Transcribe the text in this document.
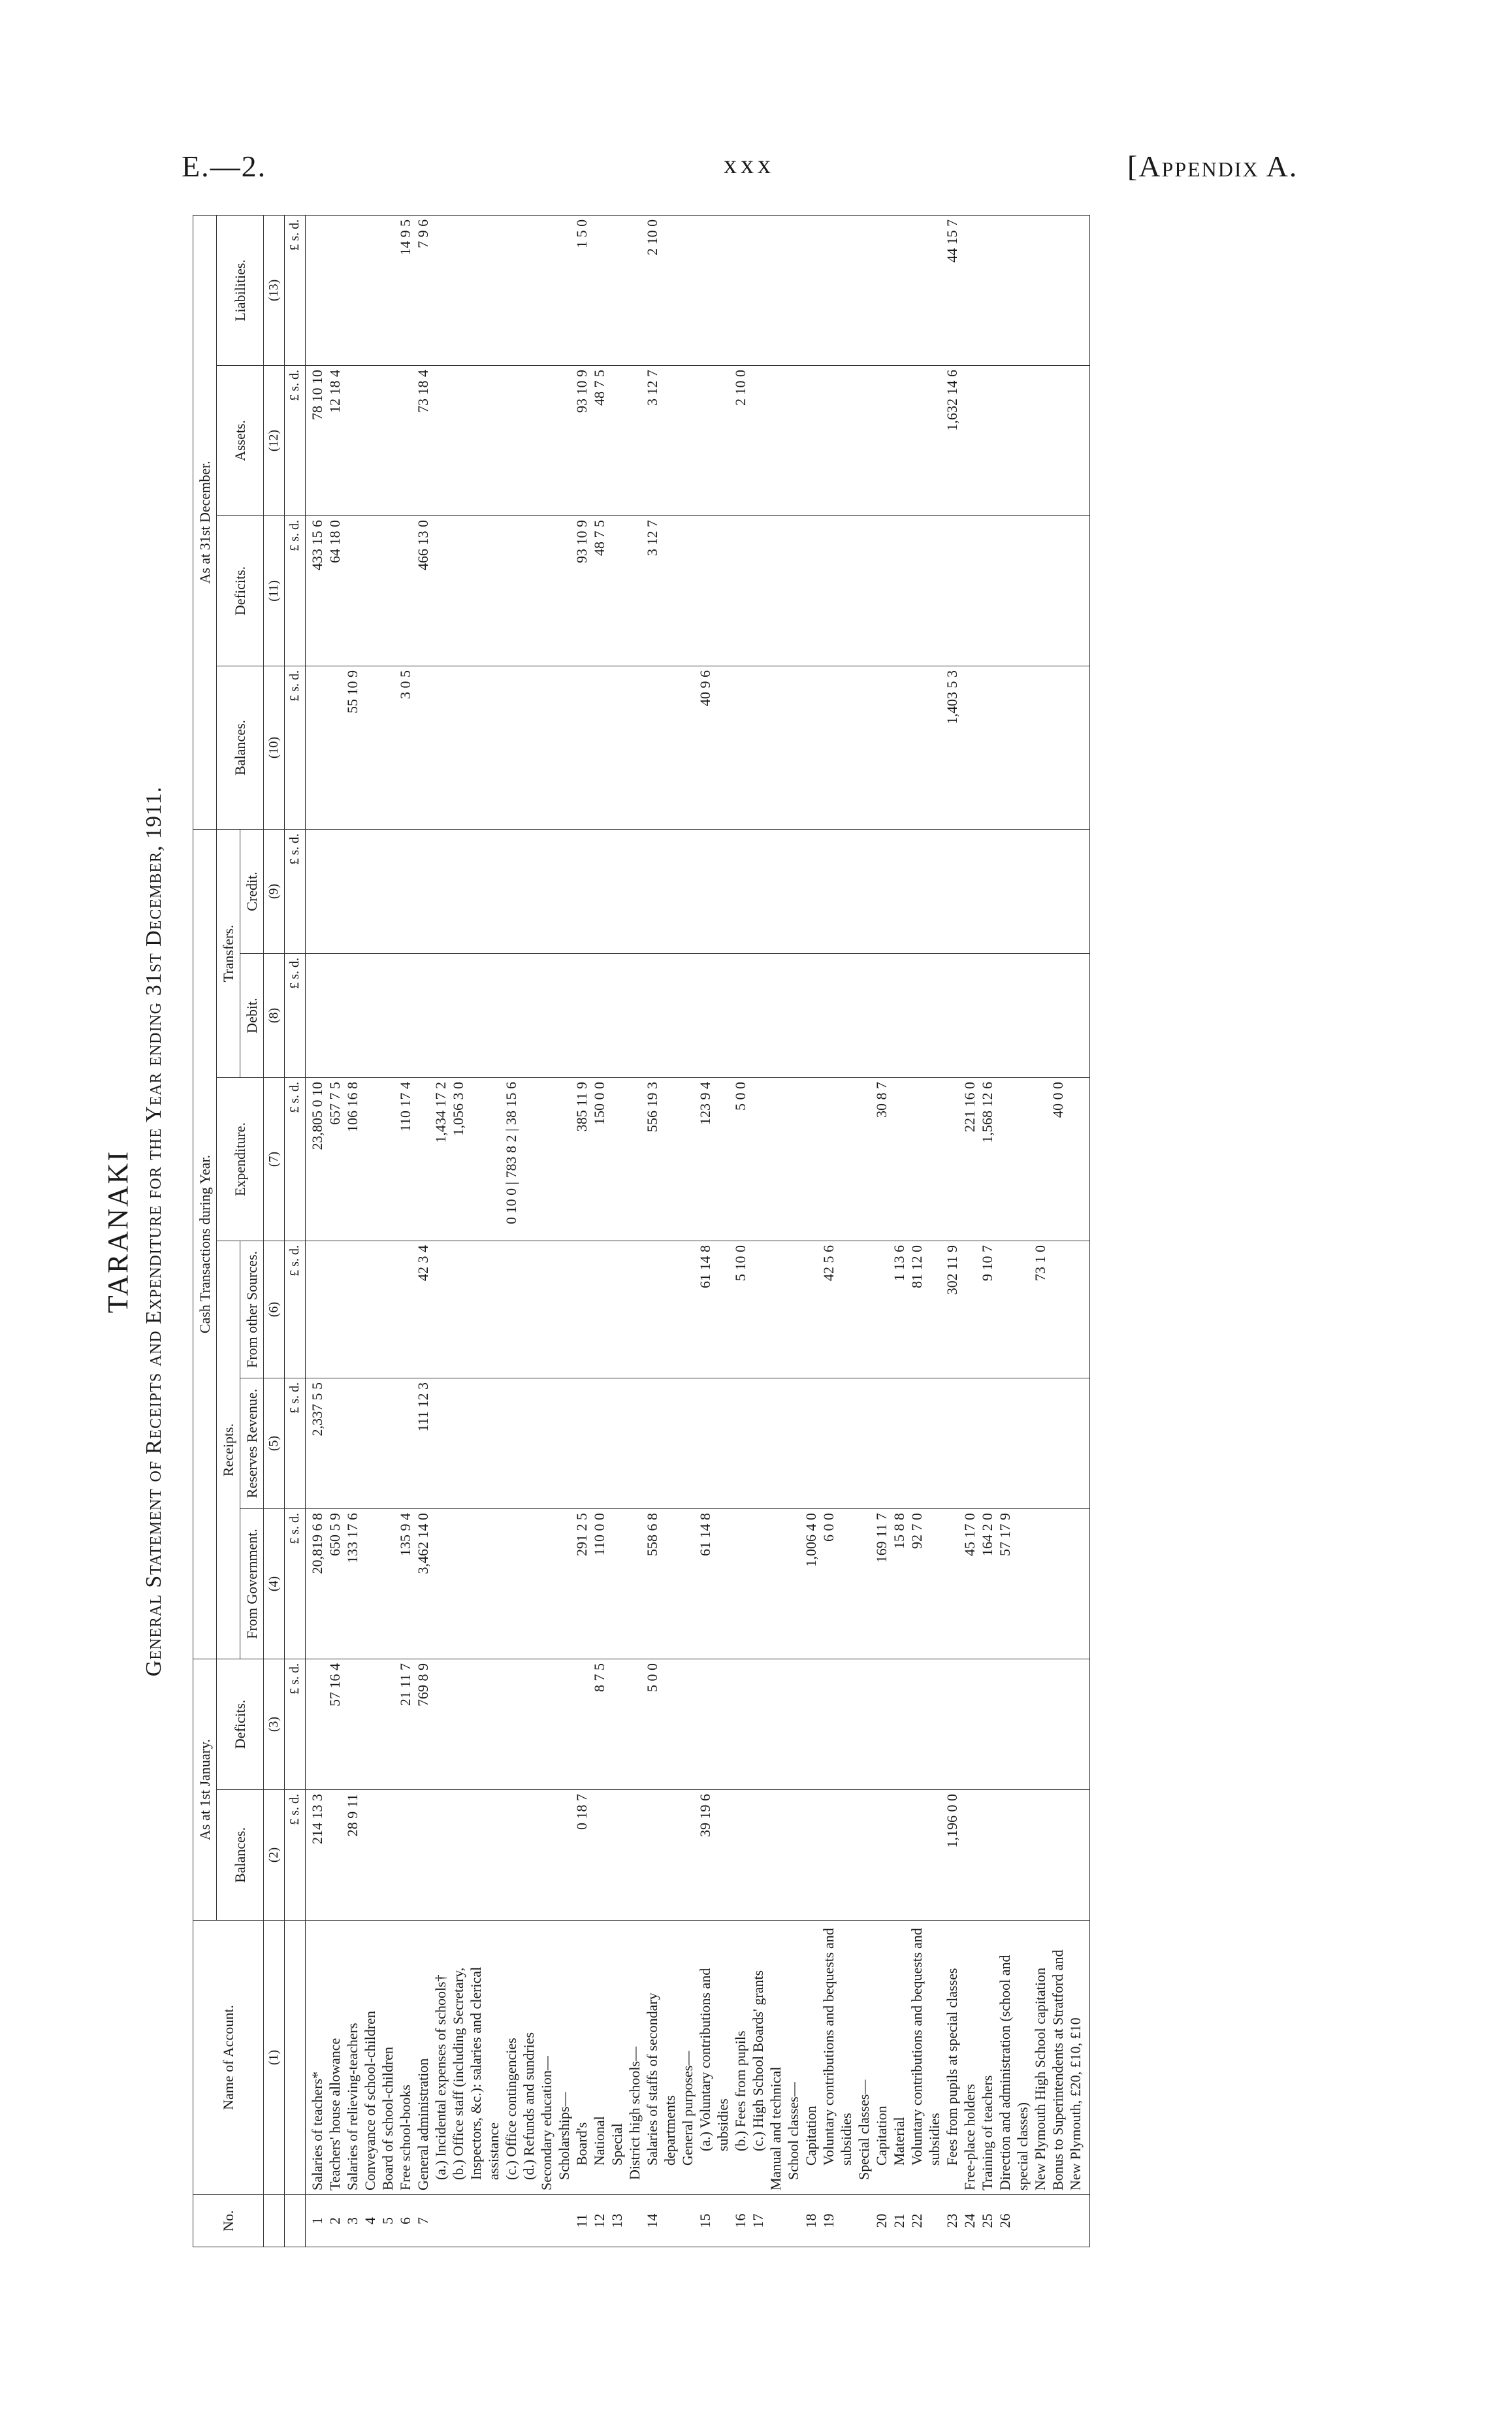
E.—2.	xxx	[Appendix A.
TARANAKI General Statement of Receipts and Expenditure for the Year ending 31st December, 1911.
No.	Name of Account.	As at 1st January.		Cash Transactions during Year.						As at 31st December.			
		Balances.	Deficits.	Receipts.			Expenditure.	Transfers.		Balances.	Deficits.	Assets.	Liabilities.
				From Government.	Reserves Revenue.	From other Sources.		Debit.	Credit.				
	(1)	(2)	(3)	(4)	(5)	(6)	(7)	(8)	(9)	(10)	(11)	(12)	(13)
		£ s. d.	£ s. d.	£ s. d.	£ s. d.	£ s. d.	£ s. d.	£ s. d.	£ s. d.	£ s. d.	£ s. d.	£ s. d.	£ s. d.
1	Salaries of teachers*	214 13 3		20,819 6 8	2,337 5 5		23,805 0 10				433 15 6	78 10 10	
2	Teachers' house allowance		57 16 4	650 5 9			657 7 5				64 18 0	12 18 4	
3	Salaries of relieving-teachers	28 9 11		133 17 6			106 16 8			55 10 9			
4	Conveyance of school-children												
5	Board of school-children												
6	Free school-books		21 11 7	135 9 4			110 17 4			3 0 5			14 9 5
7	General administration		769 8 9	3,462 14 0	111 12 3	42 3 4					466 13 0	73 18 4	7 9 6
	(a.) Incidental expenses of schools†						1,434 17 2						
	(b.) Office staff (including Secretary, Inspectors, &c.): salaries and clerical assistance						1,056 3 0						
	(c.) Office contingencies						0 10 0 | 783 8 2 | 38 15 6						
	(d.) Refunds and sundries												
	Secondary education—												
	Scholarships—												
11	Board's	0 18 7		291 2 5			385 11 9				93 10 9	93 10 9	1 5 0
12	National		8 7 5	110 0 0			150 0 0				48 7 5	48 7 5	
13	Special												
	District high schools—												
14	Salaries of staffs of secondary departments		5 0 0	558 6 8			556 19 3				3 12 7	3 12 7	2 10 0
	General purposes—												
15	(a.) Voluntary contributions and subsidies	39 19 6		61 14 8		61 14 8	123 9 4			40 9 6			
16	(b.) Fees from pupils					5 10 0	5 0 0					2 10 0	
17	(c.) High School Boards' grants												
	Manual and technical												
	School classes—												
18	Capitation			1,006 4 0									
19	Voluntary contributions and bequests and subsidies			6 0 0		42 5 6							
	Special classes—												
20	Capitation			169 11 7			30 8 7						
21	Material			15 8 8		1 13 6							
22	Voluntary contributions and bequests and subsidies			92 7 0		81 12 0							
23	Fees from pupils at special classes	1,196 0 0				302 11 9				1,403 5 3		1,632 14 6	44 15 7
24	Free-place holders			45 17 0			221 16 0						
25	Training of teachers			164 2 0		9 10 7	1,568 12 6						
26	Direction and administration (school and special classes)			57 17 9									
	New Plymouth High School capitation					73 1 0							
	Bonus to Superintendents at Stratford and New Plymouth, £20, £10, £10						40 0 0						
